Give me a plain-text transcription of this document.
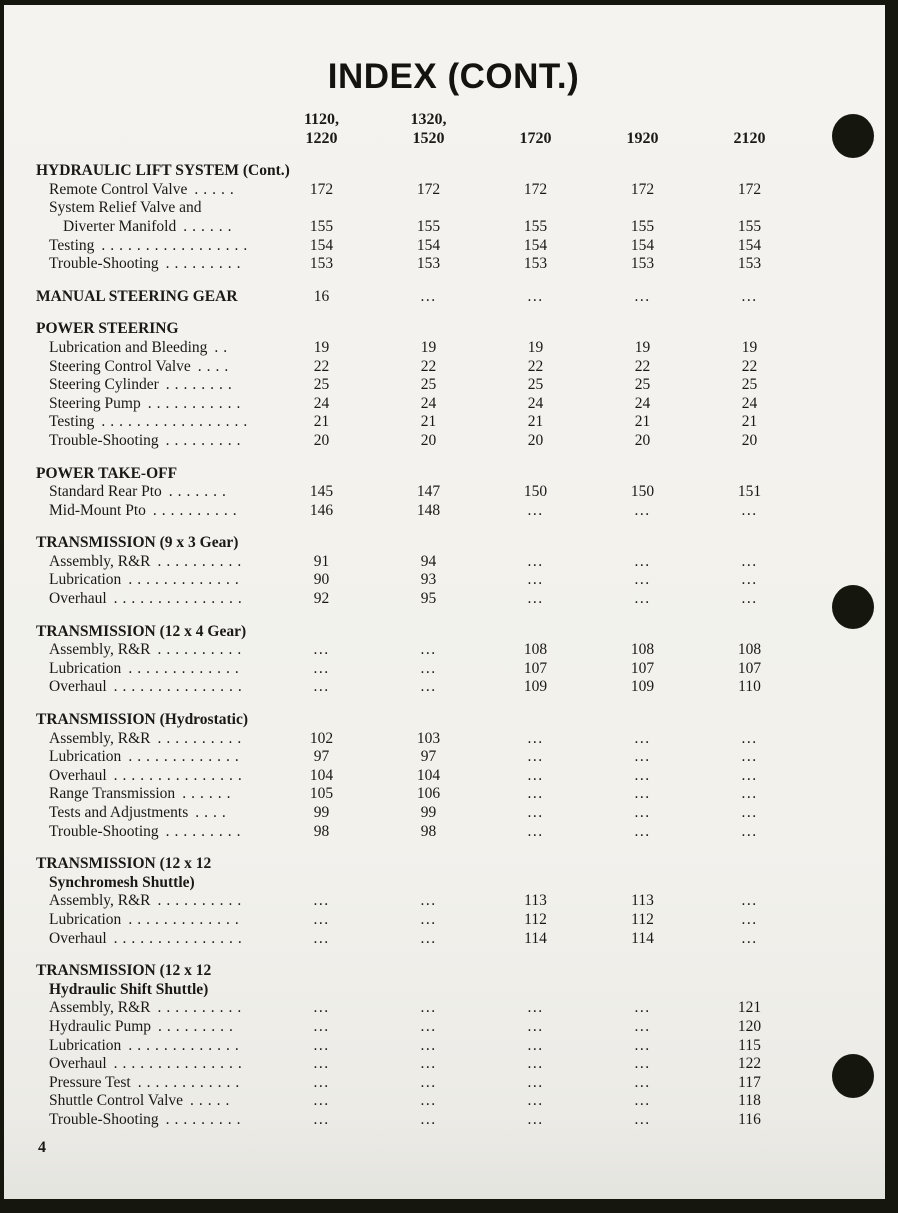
INDEX (CONT.)
1120,	1320,
1220	1520	1720	1920	2120
HYDRAULIC LIFT SYSTEM (Cont.)
Remote Control Valve .....	172	172	172	172	172
System Relief Valve and
Diverter Manifold ......	155	155	155	155	155
Testing .................	154	154	154	154	154
Trouble-Shooting .........	153	153	153	153	153
MANUAL STEERING GEAR	16	...	...	...	...
POWER STEERING
Lubrication and Bleeding ..	19	19	19	19	19
Steering Control Valve ....	22	22	22	22	22
Steering Cylinder ........	25	25	25	25	25
Steering Pump ...........	24	24	24	24	24
Testing .................	21	21	21	21	21
Trouble-Shooting .........	20	20	20	20	20
POWER TAKE-OFF
Standard Rear Pto .......	145	147	150	150	151
Mid-Mount Pto ..........	146	148	...	...	...
TRANSMISSION (9 x 3 Gear)
Assembly, R&R ..........	91	94	...	...	...
Lubrication .............	90	93	...	...	...
Overhaul ...............	92	95	...	...	...
TRANSMISSION (12 x 4 Gear)
Assembly, R&R ..........	...	...	108	108	108
Lubrication .............	...	...	107	107	107
Overhaul ...............	...	...	109	109	110
TRANSMISSION (Hydrostatic)
Assembly, R&R ..........	102	103	...	...	...
Lubrication .............	97	97	...	...	...
Overhaul ...............	104	104	...	...	...
Range Transmission ......	105	106	...	...	...
Tests and Adjustments ....	99	99	...	...	...
Trouble-Shooting .........	98	98	...	...	...
TRANSMISSION (12 x 12
Synchromesh Shuttle)
Assembly, R&R ..........	...	...	113	113	...
Lubrication .............	...	...	112	112	...
Overhaul ...............	...	...	114	114	...
TRANSMISSION (12 x 12
Hydraulic Shift Shuttle)
Assembly, R&R ..........	...	...	...	...	121
Hydraulic Pump .........	...	...	...	...	120
Lubrication .............	...	...	...	...	115
Overhaul ...............	...	...	...	...	122
Pressure Test ............	...	...	...	...	117
Shuttle Control Valve .....	...	...	...	...	118
Trouble-Shooting .........	...	...	...	...	116
4
